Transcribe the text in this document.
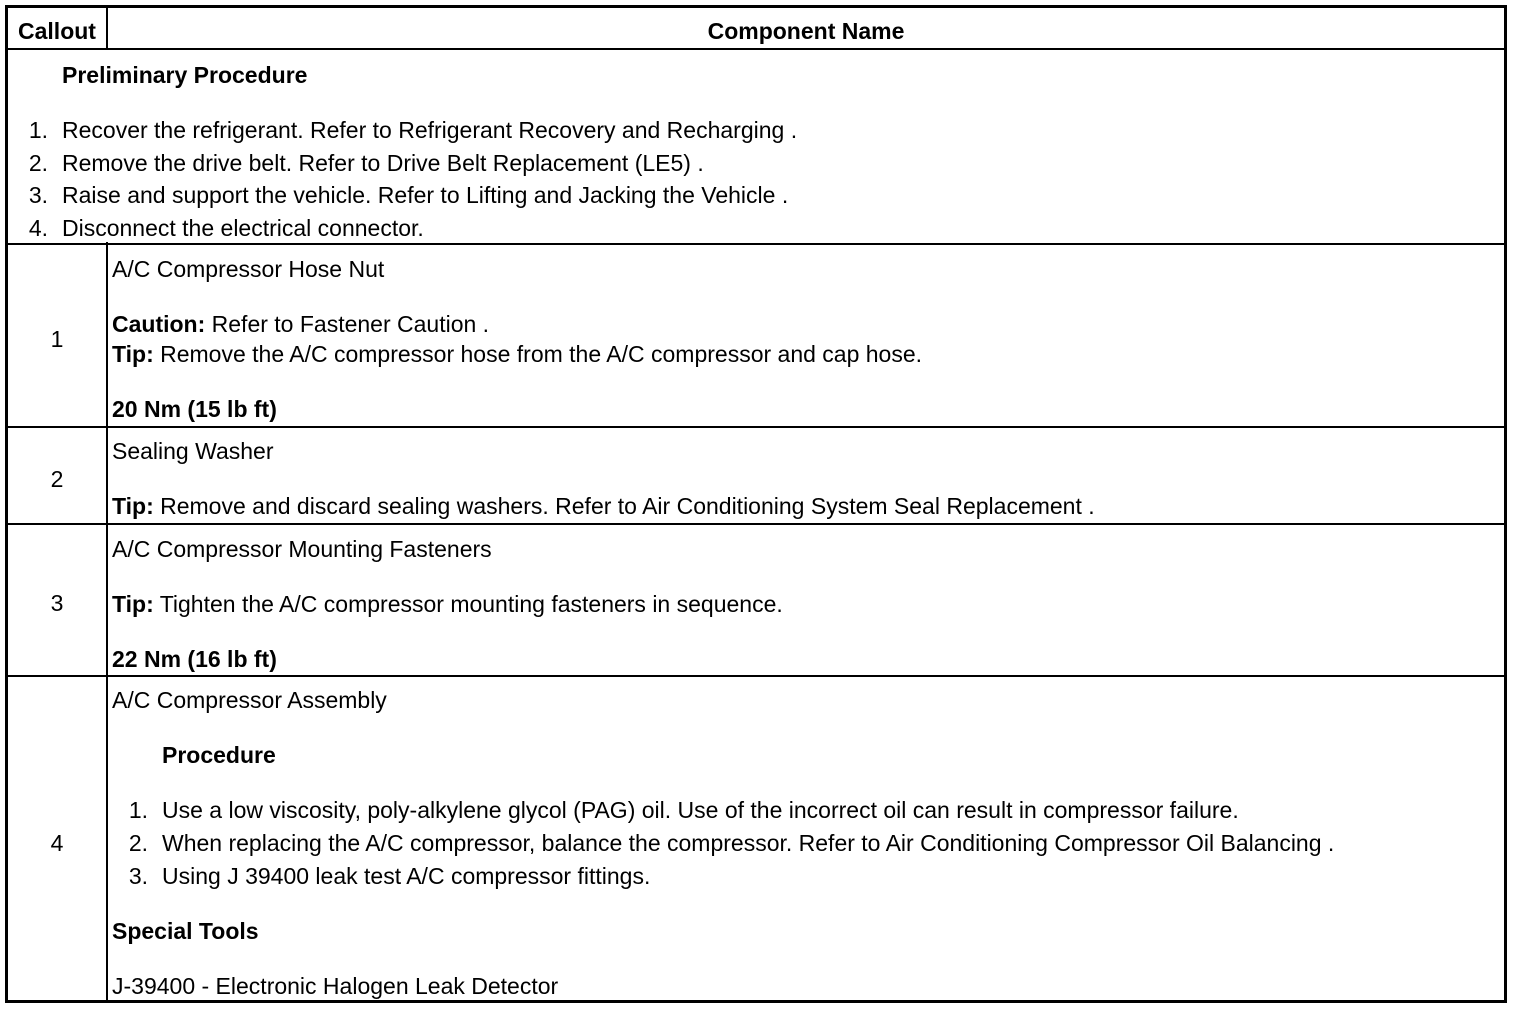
Callout	Component Name
Preliminary Procedure
1. Recover the refrigerant. Refer to Refrigerant Recovery and Recharging .
2. Remove the drive belt. Refer to Drive Belt Replacement (LE5) .
3. Raise and support the vehicle. Refer to Lifting and Jacking the Vehicle .
4. Disconnect the electrical connector.
1
A/C Compressor Hose Nut
Caution: Refer to Fastener Caution .
Tip: Remove the A/C compressor hose from the A/C compressor and cap hose.
20 Nm (15 lb ft)
2
Sealing Washer
Tip: Remove and discard sealing washers. Refer to Air Conditioning System Seal Replacement .
3
A/C Compressor Mounting Fasteners
Tip: Tighten the A/C compressor mounting fasteners in sequence.
22 Nm (16 lb ft)
4
A/C Compressor Assembly
Procedure
1. Use a low viscosity, poly-alkylene glycol (PAG) oil. Use of the incorrect oil can result in compressor failure.
2. When replacing the A/C compressor, balance the compressor. Refer to Air Conditioning Compressor Oil Balancing .
3. Using J 39400 leak test A/C compressor fittings.
Special Tools
J-39400 - Electronic Halogen Leak Detector
